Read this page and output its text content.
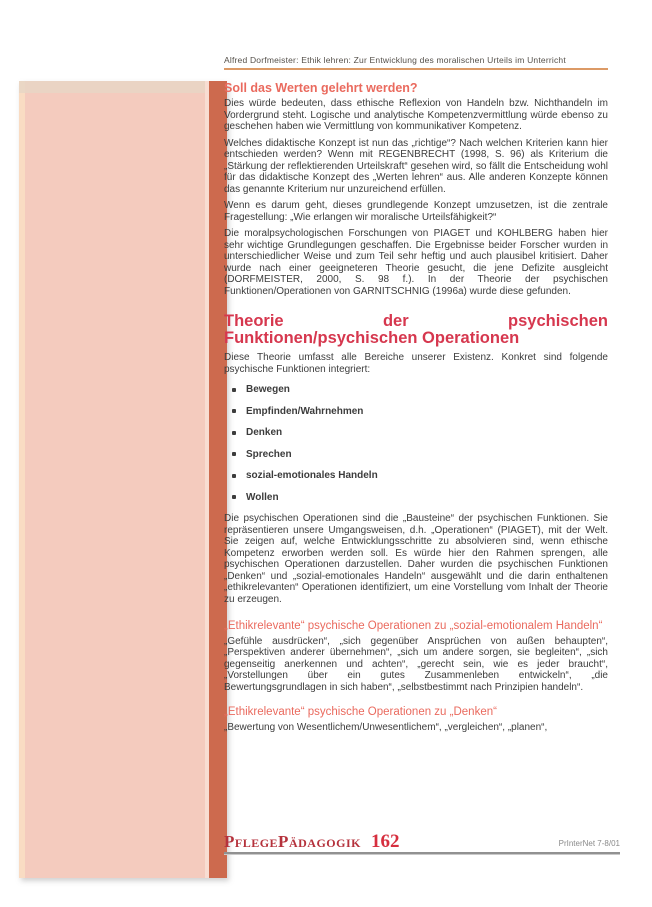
Alfred Dorfmeister: Ethik lehren: Zur Entwicklung des moralischen Urteils im Unterricht
Soll das Werten gelehrt werden?

Dies würde bedeuten, dass ethische Reflexion von Handeln bzw. Nichthandeln im Vordergrund steht. Logische und analytische Kompetenzvermittlung würde ebenso zu geschehen haben wie Vermittlung von kommunikativer Kompetenz.

Welches didaktische Konzept ist nun das „richtige“? Nach welchen Kriterien kann hier entschieden werden? Wenn mit REGENBRECHT (1998, S. 96) als Kriterium die „Stärkung der reflektierenden Urteilskraft“ gesehen wird, so fällt die Entscheidung wohl für das didaktische Konzept des „Werten lehren“ aus. Alle anderen Konzepte können das genannte Kriterium nur unzureichend erfüllen.

Wenn es darum geht, dieses grundlegende Konzept umzusetzen, ist die zentrale Fragestellung: „Wie erlangen wir moralische Urteilsfähigkeit?“

Die moralpsychologischen Forschungen von PIAGET und KOHLBERG haben hier sehr wichtige Grundlegungen geschaffen. Die Ergebnisse beider Forscher wurden in unterschiedlicher Weise und zum Teil sehr heftig und auch plausibel kritisiert. Daher wurde nach einer geeigneteren Theorie gesucht, die jene Defizite ausgleicht (DORFMEISTER, 2000, S. 98 f.). In der Theorie der psychischen Funktionen/Operationen von GARNITSCHNIG (1996a) wurde diese gefunden.

Theorie der psychischen Funktionen/psychischen Operationen

Diese Theorie umfasst alle Bereiche unserer Existenz. Konkret sind folgende psychische Funktionen integriert:

Bewegen
Empfinden/Wahrnehmen
Denken
Sprechen
sozial-emotionales Handeln
Wollen

Die psychischen Operationen sind die „Bausteine“ der psychischen Funktionen. Sie repräsentieren unsere Umgangsweisen, d.h. „Operationen“ (PIAGET), mit der Welt. Sie zeigen auf, welche Entwicklungsschritte zu absolvieren sind, wenn ethische Kompetenz erworben werden soll. Es würde hier den Rahmen sprengen, alle psychischen Operationen darzustellen. Daher wurden die psychischen Funktionen „Denken“ und „sozial-emotionales Handeln“ ausgewählt und die darin enthaltenen „ethikrelevanten“ Operationen identifiziert, um eine Vorstellung vom Inhalt der Theorie zu erzeugen.

„Ethikrelevante“ psychische Operationen zu „sozial-emotionalem Handeln“

„Gefühle ausdrücken“, „sich gegenüber Ansprüchen von außen behaupten“, „Perspektiven anderer übernehmen“, „sich um andere sorgen, sie begleiten“, „sich gegenseitig anerkennen und achten“, „gerecht sein, wie es jeder braucht“, „Vorstellungen über ein gutes Zusammenleben entwickeln“, „die Bewertungsgrundlagen in sich haben“, „selbstbestimmt nach Prinzipien handeln“.

„Ethikrelevante“ psychische Operationen zu „Denken“

„Bewertung von Wesentlichem/Unwesentlichem“, „vergleichen“, „planen“,

PflegePädagogik 162	PrInterNet 7-8/01
